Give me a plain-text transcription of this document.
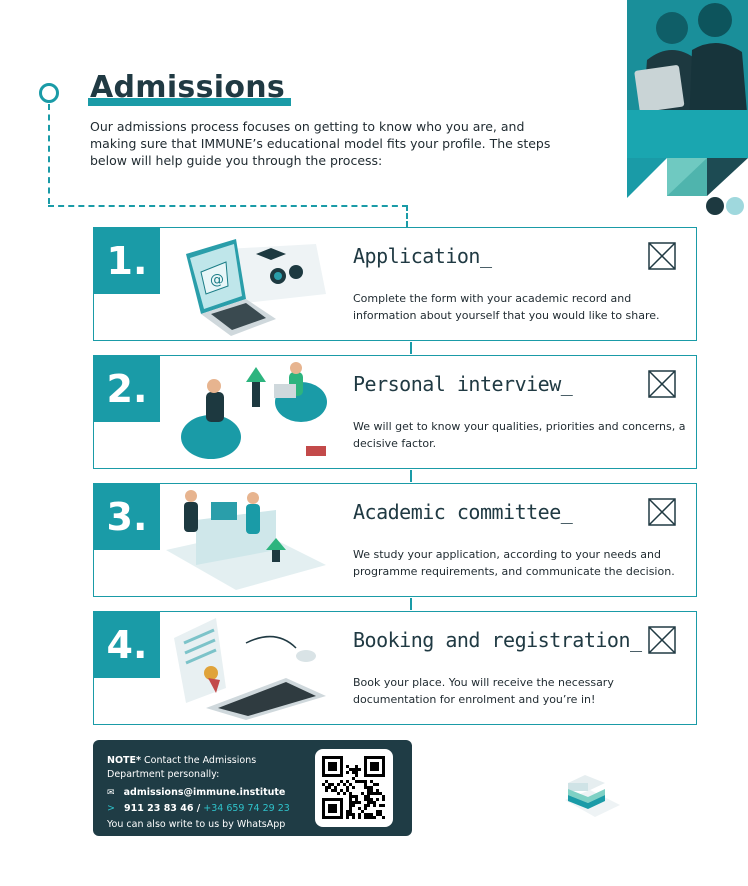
Admissions
Our admissions process focuses on getting to know who you are, and making sure that IMMUNE’s educational model fits your profile. The steps below will help guide you through the process:
1.	@
Application_
Complete the form with your academic record and information about yourself that you would like to share.
2.	Personal interview_
We will get to know your qualities, priorities and concerns, a decisive factor.
3.	Academic committee_
We study your application, according to your needs and programme requirements, and communicate the decision.
4.	Booking and registration_
Book your place. You will receive the necessary documentation for enrolment and you’re in!
NOTE* Contact the Admissions Department personally:
✉ admissions@immune.institute
> 911 23 83 46 / +34 659 74 29 23
You can also write to us by WhatsApp
